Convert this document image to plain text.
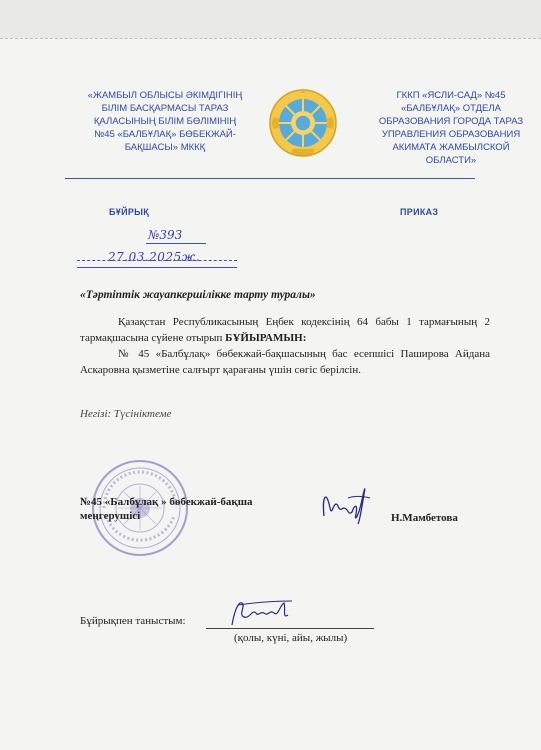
«ЖАМБЫЛ ОБЛЫСЫ ӘКІМДІГІНІҢ
БІЛІМ БАСҚАРМАСЫ ТАРАЗ
ҚАЛАСЫНЫҢ БІЛІМ БӨЛІМІНІҢ
№45 «БАЛБҰЛАҚ» БӨБЕКЖАЙ-
БАҚШАСЫ» МККҚ
ГККП «ЯСЛИ-САД» №45
«БАЛБҰЛАҚ» ОТДЕЛА
ОБРАЗОВАНИЯ ГОРОДА ТАРАЗ
УПРАВЛЕНИЯ ОБРАЗОВАНИЯ
АКИМАТА ЖАМБЫЛСКОЙ
ОБЛАСТИ»
БҰЙРЫҚ	ПРИКАЗ
№393
27.03.2025ж.
«Тәртіптік жауапкершілікке тарту туралы»
Қазақстан Республикасының Еңбек кодексінің 64 бабы 1 тармағының 2 тармақшасына сүйене отырып БҰЙЫРАМЫН:
№ 45 «Балбұлақ» бөбекжай-бақшасының бас есепшісі Паширова Айдана Аскаровна қызметіне салғырт қарағаны үшін сөгіс берілсін.
Негізі: Түсініктеме
№45 «Балбұлақ » бөбекжай-бақша меңгерушісі	Н.Мамбетова
Бұйрықпен таныстым:
(қолы, күні, айы, жылы)
